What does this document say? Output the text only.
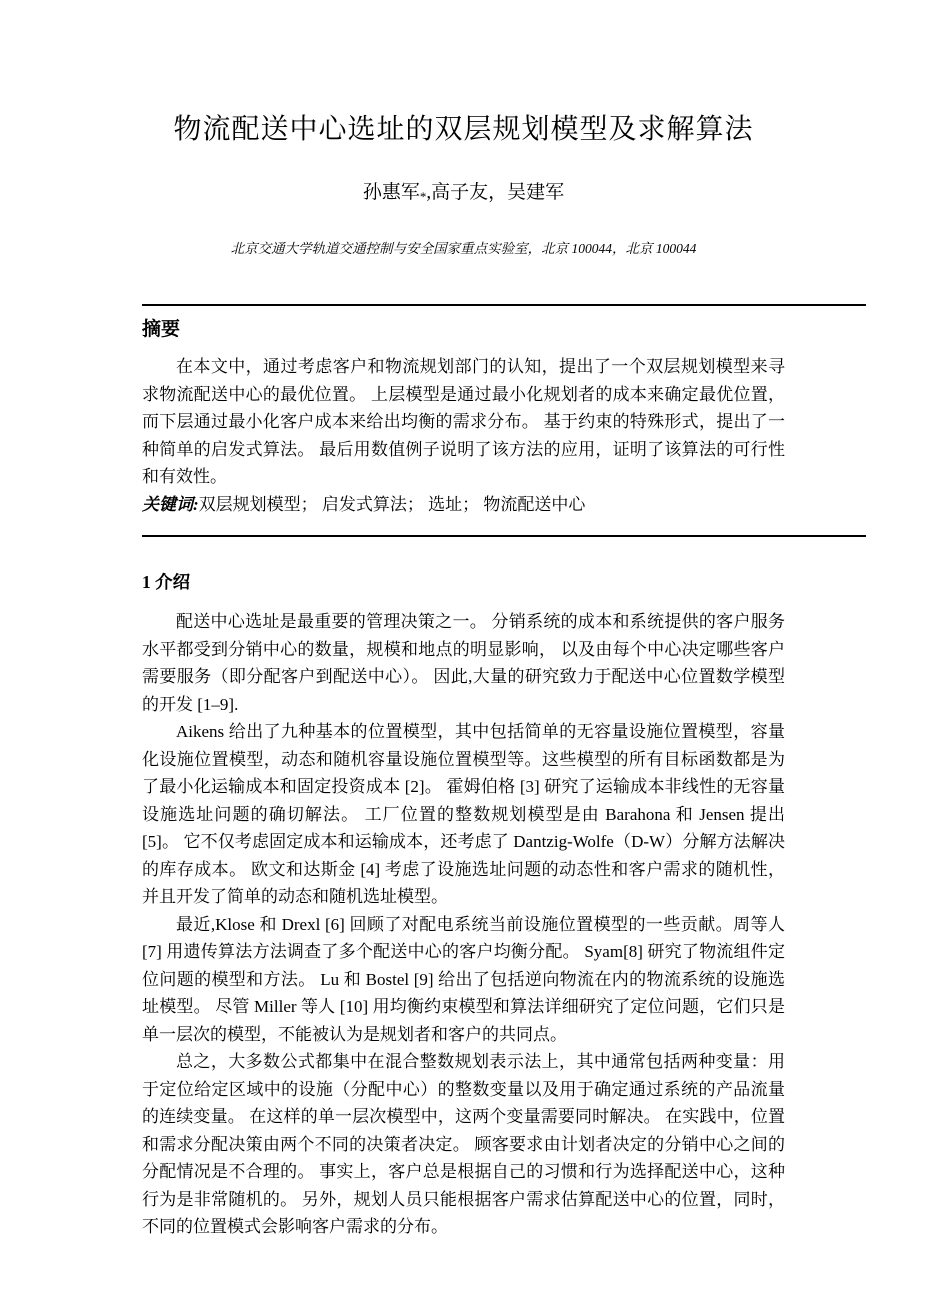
物流配送中心选址的双层规划模型及求解算法
孙惠军*,高子友，吴建军
北京交通大学轨道交通控制与安全国家重点实验室，北京 100044，北京 100044
摘要

在本文中，通过考虑客户和物流规划部门的认知，提出了一个双层规划模型来寻求物流配送中心的最优位置。 上层模型是通过最小化规划者的成本来确定最优位置，而下层通过最小化客户成本来给出均衡的需求分布。 基于约束的特殊形式，提出了一种简单的启发式算法。 最后用数值例子说明了该方法的应用，证明了该算法的可行性和有效性。

关键词:双层规划模型； 启发式算法； 选址； 物流配送中心

1 介绍

配送中心选址是最重要的管理决策之一。 分销系统的成本和系统提供的客户服务水平都受到分销中心的数量，规模和地点的明显影响， 以及由每个中心决定哪些客户需要服务（即分配客户到配送中心）。 因此,大量的研究致力于配送中心位置数学模型的开发 [1–9].

Aikens 给出了九种基本的位置模型，其中包括简单的无容量设施位置模型，容量化设施位置模型，动态和随机容量设施位置模型等。这些模型的所有目标函数都是为了最小化运输成本和固定投资成本 [2]。 霍姆伯格 [3] 研究了运输成本非线性的无容量设施选址问题的确切解法。 工厂位置的整数规划模型是由 Barahona 和 Jensen 提出 [5]。 它不仅考虑固定成本和运输成本，还考虑了 Dantzig-Wolfe（D-W）分解方法解决的库存成本。 欧文和达斯金 [4] 考虑了设施选址问题的动态性和客户需求的随机性，并且开发了简单的动态和随机选址模型。

最近,Klose 和 Drexl [6] 回顾了对配电系统当前设施位置模型的一些贡献。周等人 [7] 用遗传算法方法调查了多个配送中心的客户均衡分配。 Syam[8] 研究了物流组件定位问题的模型和方法。 Lu 和 Bostel [9] 给出了包括逆向物流在内的物流系统的设施选址模型。 尽管 Miller 等人 [10] 用均衡约束模型和算法详细研究了定位问题，它们只是单一层次的模型，不能被认为是规划者和客户的共同点。

总之，大多数公式都集中在混合整数规划表示法上，其中通常包括两种变量：用于定位给定区域中的设施（分配中心）的整数变量以及用于确定通过系统的产品流量的连续变量。 在这样的单一层次模型中，这两个变量需要同时解决。 在实践中，位置和需求分配决策由两个不同的决策者决定。 顾客要求由计划者决定的分销中心之间的分配情况是不合理的。 事实上，客户总是根据自己的习惯和行为选择配送中心，这种行为是非常随机的。 另外，规划人员只能根据客户需求估算配送中心的位置，同时，不同的位置模式会影响客户需求的分布。
